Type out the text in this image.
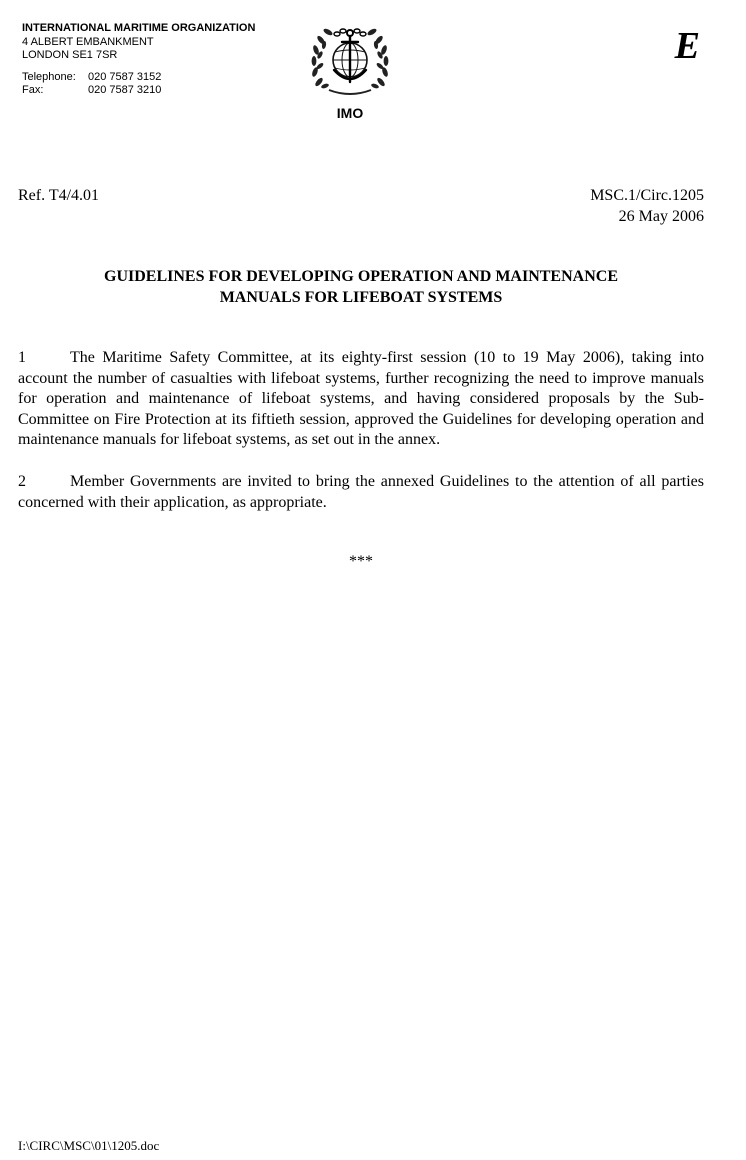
INTERNATIONAL MARITIME ORGANIZATION
4 ALBERT EMBANKMENT
LONDON SE1 7SR
Telephone:	020 7587 3152
Fax:	020 7587 3210
IMO
E
Ref. T4/4.01	MSC.1/Circ.1205
26 May 2006
GUIDELINES FOR DEVELOPING OPERATION AND MAINTENANCE
MANUALS FOR LIFEBOAT SYSTEMS

1	The Maritime Safety Committee, at its eighty-first session (10 to 19 May 2006), taking into account the number of casualties with lifeboat systems, further recognizing the need to improve manuals for operation and maintenance of lifeboat systems, and having considered proposals by the Sub-Committee on Fire Protection at its fiftieth session, approved the Guidelines for developing operation and maintenance manuals for lifeboat systems, as set out in the annex.

2	Member Governments are invited to bring the annexed Guidelines to the attention of all parties concerned with their application, as appropriate.

***
I:\CIRC\MSC\01\1205.doc
